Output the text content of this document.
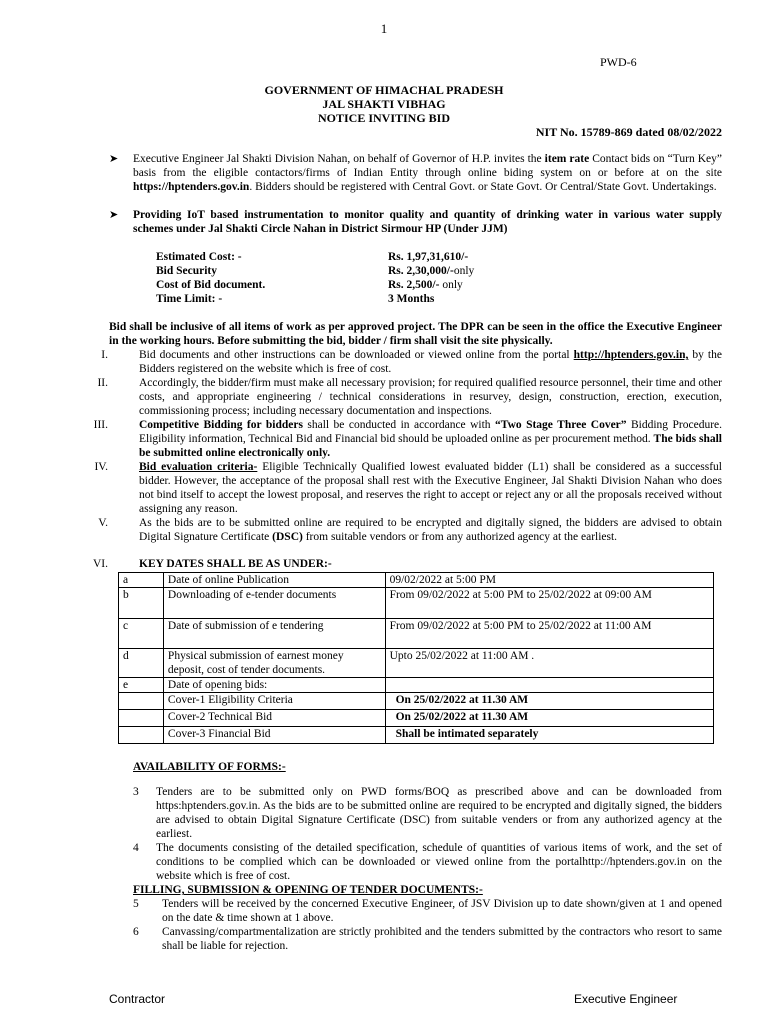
1
PWD-6
GOVERNMENT OF HIMACHAL PRADESH
JAL SHAKTI VIBHAG
NOTICE INVITING BID
NIT No. 15789-869 dated 08/02/2022
➤ Executive Engineer Jal Shakti Division Nahan, on behalf of Governor of H.P. invites the item rate Contact bids on “Turn Key” basis from the eligible contactors/firms of Indian Entity through online biding system on or before at on the site https://hptenders.gov.in. Bidders should be registered with Central Govt. or State Govt. Or Central/State Govt. Undertakings.
➤ Providing IoT based instrumentation to monitor quality and quantity of drinking water in various water supply schemes under Jal Shakti Circle Nahan in District Sirmour HP (Under JJM)
Estimated Cost: -	Rs. 1,97,31,610/-
Bid Security	Rs. 2,30,000/-only
Cost of Bid document.	Rs. 2,500/- only
Time Limit: -	3 Months
Bid shall be inclusive of all items of work as per approved project. The DPR can be seen in the office the Executive Engineer in the working hours. Before submitting the bid, bidder / firm shall visit the site physically.
I.	Bid documents and other instructions can be downloaded or viewed online from the portal http://hptenders.gov.in, by the Bidders registered on the website which is free of cost.
II.	Accordingly, the bidder/firm must make all necessary provision; for required qualified resource personnel, their time and other costs, and appropriate engineering / technical considerations in resurvey, design, construction, erection, execution, commissioning process; including necessary documentation and inspections.
III.	Competitive Bidding for bidders shall be conducted in accordance with “Two Stage Three Cover” Bidding Procedure. Eligibility information, Technical Bid and Financial bid should be uploaded online as per procurement method. The bids shall be submitted online electronically only.
IV.	Bid evaluation criteria- Eligible Technically Qualified lowest evaluated bidder (L1) shall be considered as a successful bidder. However, the acceptance of the proposal shall rest with the Executive Engineer, Jal Shakti Division Nahan who does not bind itself to accept the lowest proposal, and reserves the right to accept or reject any or all the proposals received without assigning any reason.
V.	As the bids are to be submitted online are required to be encrypted and digitally signed, the bidders are advised to obtain Digital Signature Certificate (DSC) from suitable vendors or from any authorized agency at the earliest.
VI.	KEY DATES SHALL BE AS UNDER:-
a	Date of online Publication	09/02/2022 at 5:00 PM
b	Downloading of e-tender documents	From 09/02/2022 at 5:00 PM to 25/02/2022 at 09:00 AM
c	Date of submission of e tendering	From 09/02/2022 at 5:00 PM to 25/02/2022 at 11:00 AM
d	Physical submission of earnest money deposit, cost of tender documents.	Upto 25/02/2022 at 11:00 AM .
e	Date of opening bids:	
	Cover-1 Eligibility Criteria	On 25/02/2022 at 11.30 AM
	Cover-2 Technical Bid	On 25/02/2022 at 11.30 AM
	Cover-3 Financial Bid	Shall be intimated separately
AVAILABILITY OF FORMS:-
3	Tenders are to be submitted only on PWD forms/BOQ as prescribed above and can be downloaded from https:hptenders.gov.in. As the bids are to be submitted online are required to be encrypted and digitally signed, the bidders are advised to obtain Digital Signature Certificate (DSC) from suitable venders or from any authorized agency at the earliest.
4	The documents consisting of the detailed specification, schedule of quantities of various items of work, and the set of conditions to be complied which can be downloaded or viewed online from the portalhttp://hptenders.gov.in on the website which is free of cost.
FILLING, SUBMISSION & OPENING OF TENDER DOCUMENTS:-
5	Tenders will be received by the concerned Executive Engineer, of JSV Division up to date shown/given at 1 and opened on the date & time shown at 1 above.
6	Canvassing/compartmentalization are strictly prohibited and the tenders submitted by the contractors who resort to same shall be liable for rejection.
Contractor	Executive Engineer
